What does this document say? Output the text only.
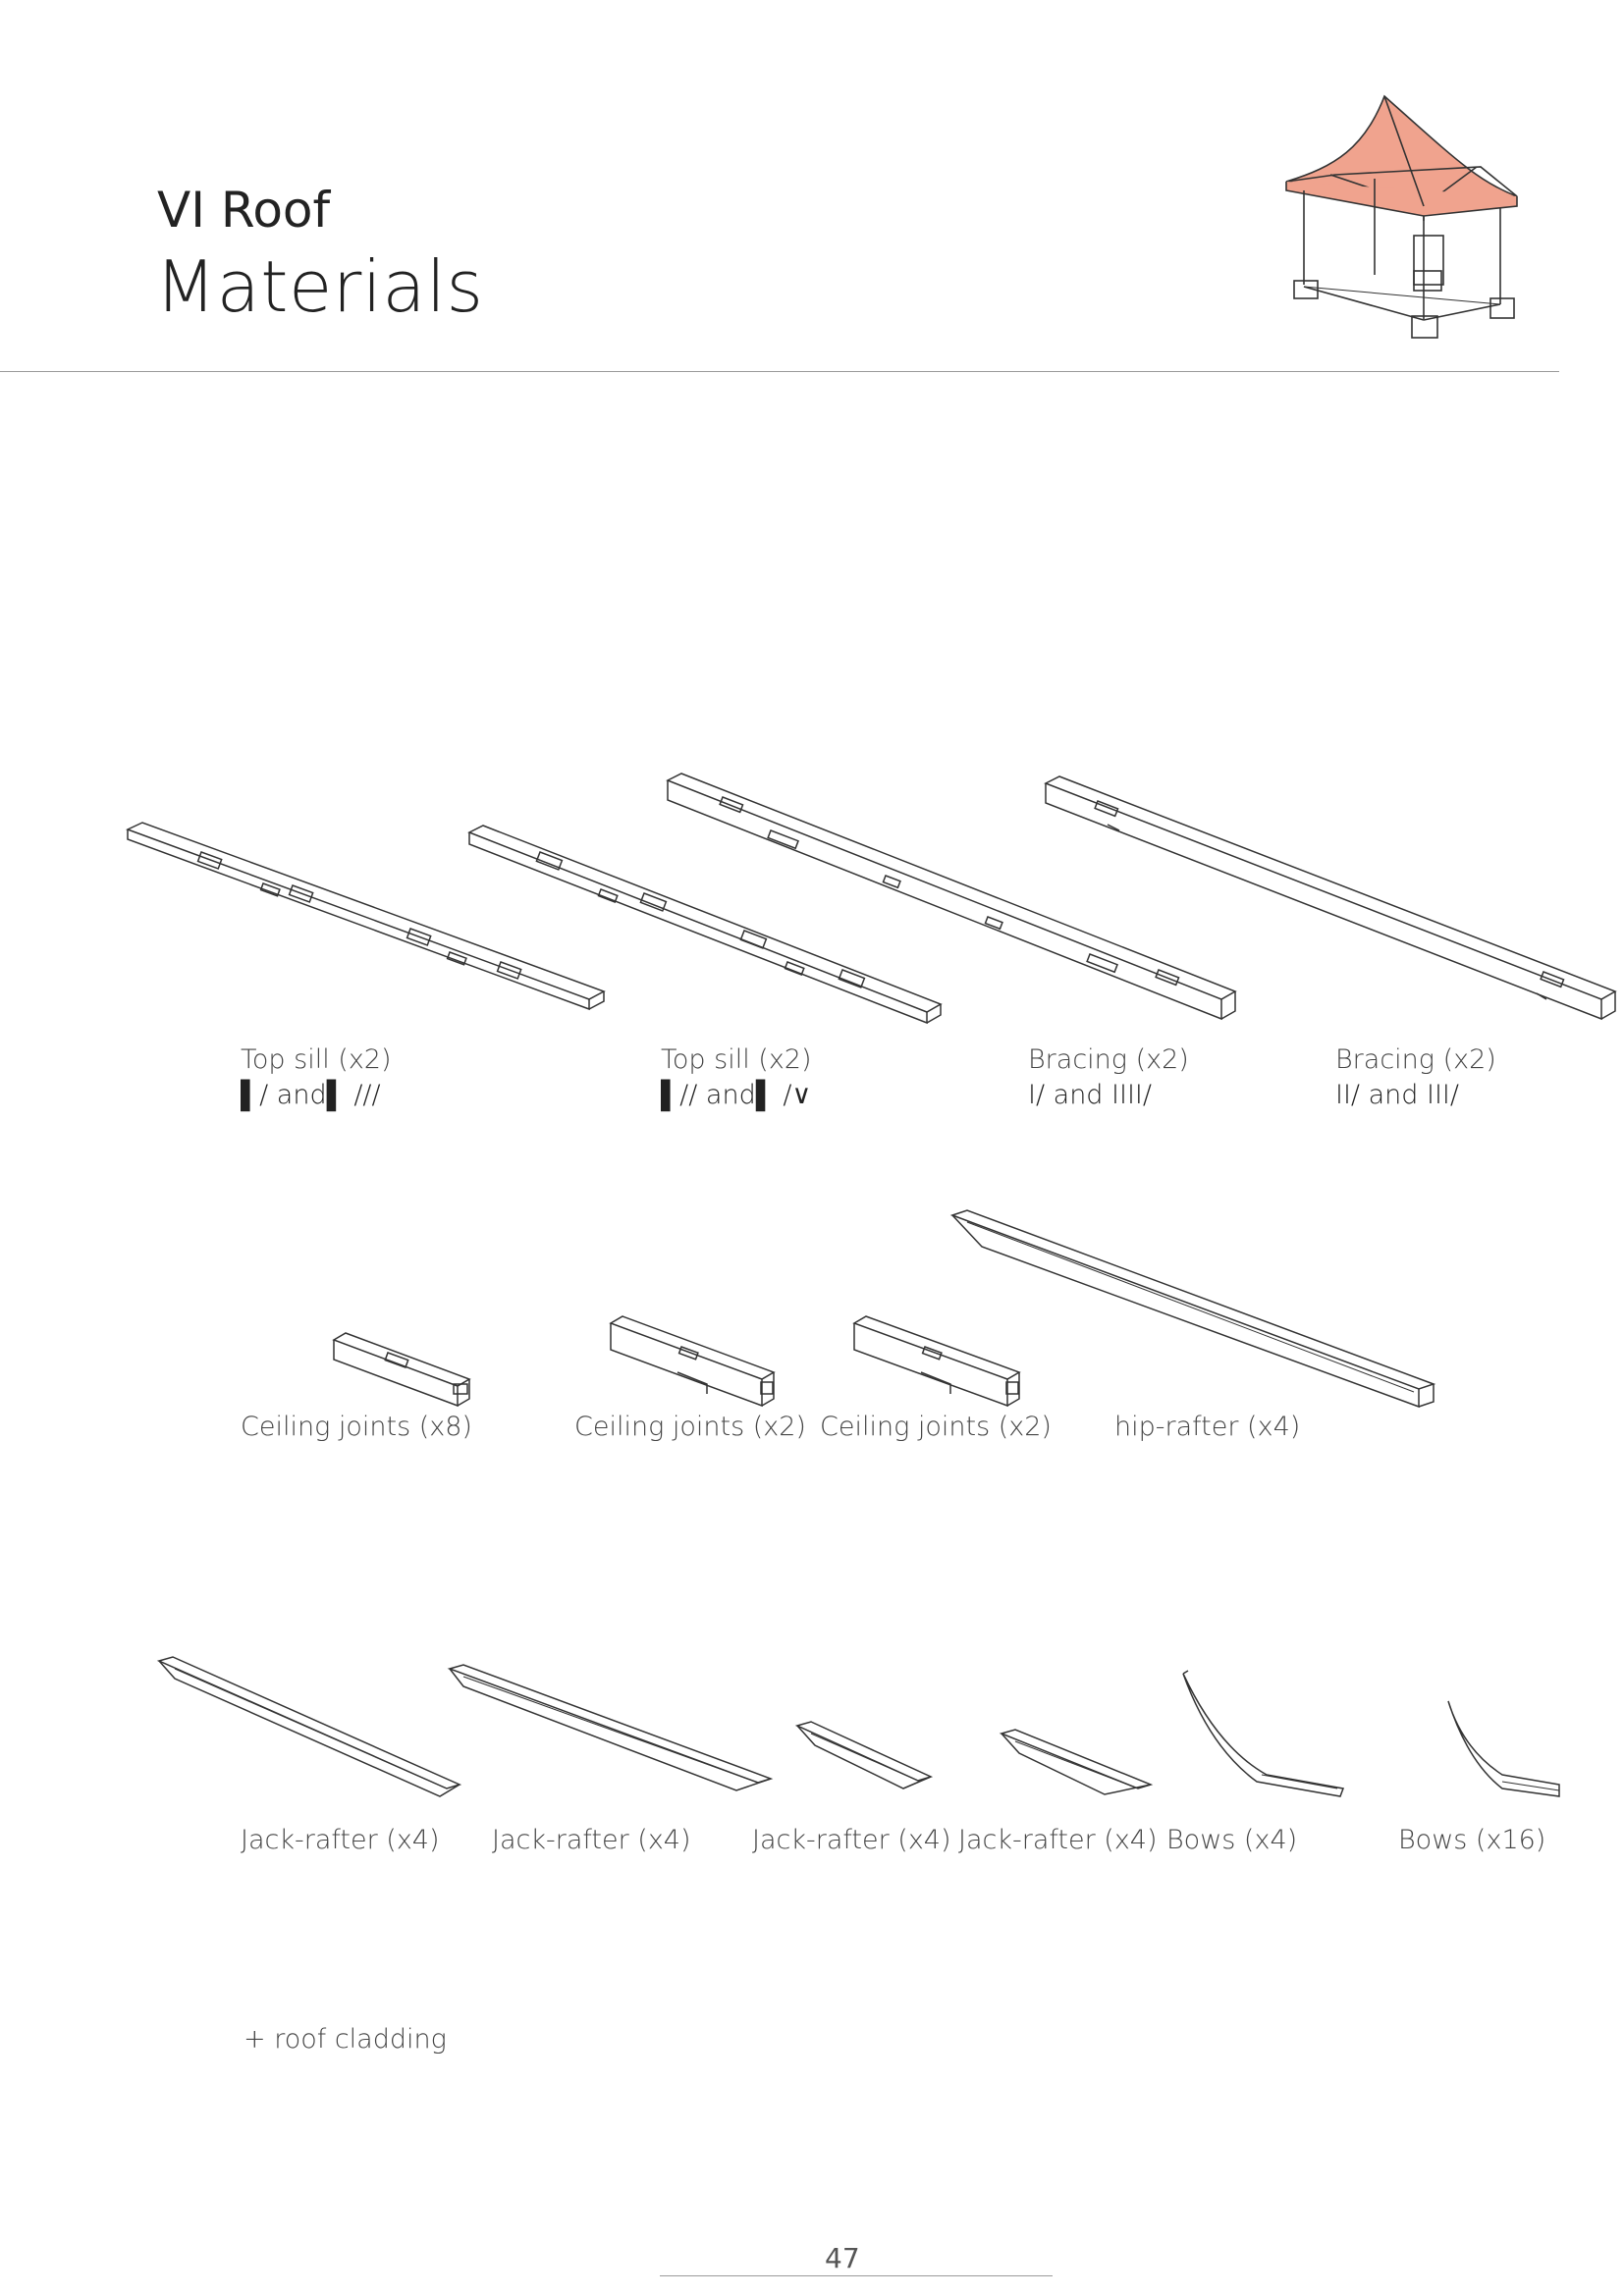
VI Roof
Materials
Top sill (x2)
▌/ and▌ ///
Top sill (x2)
▌// and▌ /∨
Bracing (x2)
I/ and IIII/
Bracing (x2)
II/ and III/
Ceiling joints (x8)	Ceiling joints (x2) Ceiling joints (x2) hip-rafter (x4)
Jack-rafter (x4) Jack-rafter (x4) Jack-rafter (x4) Jack-rafter (x4) Bows (x4)	Bows (x16)
+ roof cladding
47
